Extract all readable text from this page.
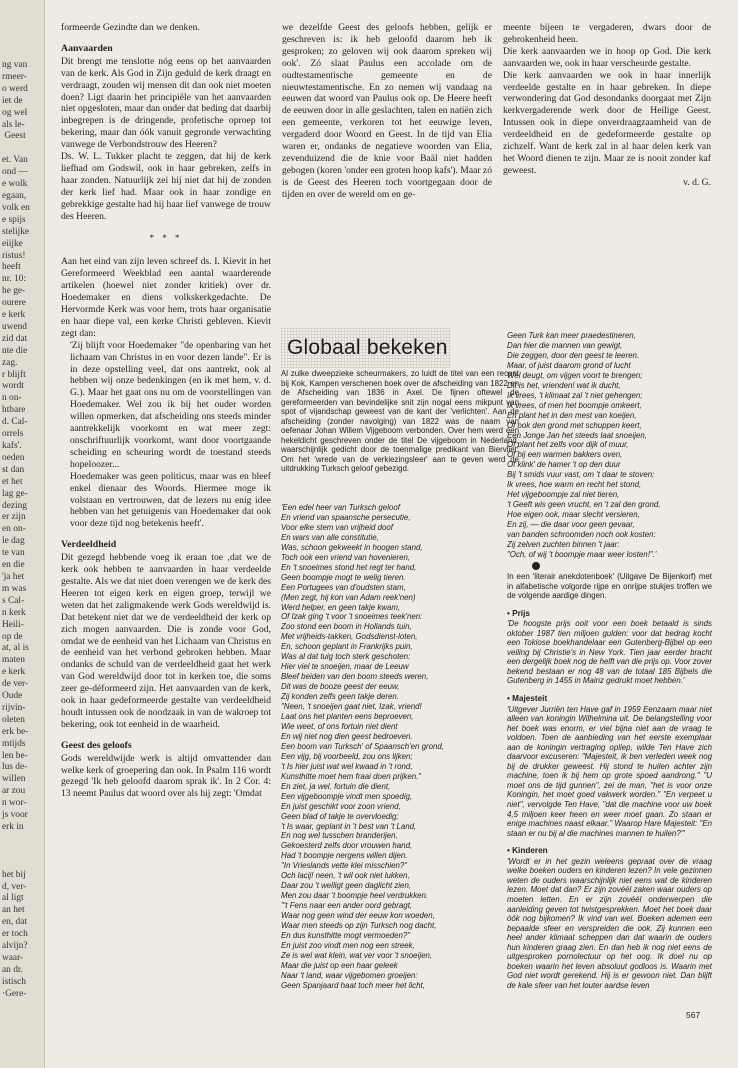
ng van
rmeer-
o werd
iet de
og wel
als le-
Geest

et. Van
ond —
e wolk
egaan,
volk en
e spijs
stelijke
eiijke
ristus!
heeft
nr. 10:
he ge-
ourere
e kerk
uwend
zid dat
nte die
zag.
r blijft
wordt
n on-
htbare
d. Cal-
orrels
kafs'.
oeden
st dan
et het
lag ge-
dezing
er zijn
en on-
le dag
te van
en die
'ja het
m was
s Cal-
n kerk
Heili-
op de
at, al is
maten
e kerk
de ver-
Oude
rijvin-
oleten
erk be-
mtijds
len be-
lus de-
willen
ar zou
n wor-
js voor
erk in

het bij
d, ver-
al ligt
an het
en, dat
er toch
alvijn?
waar-
an dr.
istisch
·Gere-

formeerde Gezindte dan we denken.

Aanvaarden

Dit brengt me tenslotte nóg eens op het aanvaarden van de kerk. Als God in Zijn geduld de kerk draagt en verdraagt, zouden wij mensen dit dan ook niet moeten doen? Ligt daarin het principiële van het aanvaarden niet opgesloten, maar dan onder dat beding dat daarbij inbegrepen is de dringende, profetische oproep tot bekering, maar dan óók vanuit gegronde verwachting vanwege de Verbondstrouw des Heeren?

Ds. W. L. Tukker placht te zeggen, dat hij de kerk liefhad om Godswil, ook in haar gebreken, zelfs in haar zonden. Natuurlijk zei hij niet dat hij de zonden der kerk lief had. Maar ook in haar zondige en gebrekkige gestalte had hij haar lief vanwege de trouw des Heeren.

* * *

Aan het eind van zijn leven schreef ds. I. Kievit in het Gereformeerd Weekblad een aantal waarderende artikelen (hoewel niet zonder kritiek) over dr. Hoedemaker en diens volkskerkgedachte. De Hervormde Kerk was voor hem, trots haar organisatie en haar diepe val, een kerke Christi gebleven. Kievit zegt dan:

'Zij blijft voor Hoedemaker "de openbaring van het lichaam van Christus in en voor dezen lande". Er is in deze opstelling veel, dat ons aantrekt, ook al hebben wij onze bedenkingen (en ik met hem, v. d. G.). Maar het gaat ons nu om de voorstellingen van Hoedemaker. Wel zou ik bij het ouder worden willen opmerken, dat afscheiding ons steeds minder aantrekkelijk voorkomt en wat meer zegt: onschriftuurlijk voorkomt, want door voortgaande scheiding en scheuring wordt de toestand steeds hopeloozer...

Hoedemaker was geen politicus, maar was en bleef enkel dienaar des Woords. Hiermee moge ik volstaan en vertrouwen, dat de lezers nu enig idee hebben van het getuigenis van Hoedemaker dat ook voor deze tijd nog betekenis heeft'.

Verdeeldheid

Dit gezegd hebbende voeg ik eraan toe ,dat we de kerk ook hebben te aanvaarden in haar verdeelde gestalte. Als we dat niet doen verengen we de kerk des Heeren tot eigen kerk en eigen groep, terwijl we weten dat het zaligmakende werk Gods wereldwijd is. Dat betekent niet dat we de verdeeldheid der kerk op zich mogen aanvaarden. Die is zonde voor God, omdat we de eenheid van het Lichaam van Christus en de eenheid van het verbond gebroken hebben. Maar ondanks de schuld van de verdeeldheid gaat het werk van God wereldwijd door tot in kerken toe, die soms zeer ge-déformeerd zijn. Het aanvaarden van de kerk, ook in haar gedeformeerde gestalte van verdeeldheid houdt intussen ook de noodzaak in van de wakroep tot bekering, ook tot eenheid in de waarheid.

Geest des geloofs

Gods wereldwijde werk is altijd omvattender dan welke kerk of groepering dan ook. In Psalm 116 wordt gezegd 'Ik heb geloofd daarom sprak ik'. In 2 Cor. 4: 13 neemt Paulus dat woord over als hij zegt: 'Omdat

we dezelfde Geest des geloofs hebben, gelijk er geschreven is: ik heb geloofd daarom heb ik gesproken; zo geloven wij ook daarom spreken wij ook'. Zó slaat Paulus een accolade om de oudtestamentische gemeente en de nieuwtestamentische. En zo nemen wij vandaag na eeuwen dat woord van Paulus ook op. De Heere heeft de eeuwen door in alle geslachten, talen en natiën zich een gemeente, verkoren tot het eeuwige leven, vergaderd door Woord en Geest. In de tijd van Elia waren er, ondanks de negatieve woorden van Elia, zevenduizend die de knie voor Baäl niet hadden gebogen (koren 'onder een groten hoop kafs'). Maar zó is de Geest des Heeren toch voortgegaan door de tijden en over de wereld om en ge-

meente bijeen te vergaderen, dwars door de gebrokenheid heen.

Die kerk aanvaarden we in hoop op God. Die kerk aanvaarden we, ook in haar verscheurde gestalte.

Die kerk aanvaarden we ook in haar innerlijk verdeelde gestalte en in haar gebreken. In diepe verwondering dat God desondanks doorgaat met Zijn kerkvergaderende werk door de Heilige Geest. Intussen ook in diepe onverdraagzaamheid van de verdeeldheid en de gedeformeerde gestalte op zichzelf. Want de kerk zal in al haar delen kerk van het Woord dienen te zijn. Maar ze is nooit zonder kaf geweest.

v. d. G.

Globaal bekeken

Al zulke dweepzieke scheurmakers, zo luidt de titel van een recent bij Kok, Kampen verschenen boek over de afscheiding van 1822 en de Afscheiding van 1836 in Axel. De fijnen oftewel de gereformeerden van bevindelijke snit zijn nogal eens mikpunt van spot of vijandschap geweest van de kant der 'verlichten'. Aan de afscheiding (zonder navolging) van 1822 was de naam van oefenaar Johan Willem Vijgeboom verbonden. Over hem werd een hekeldicht geschreven onder de titel De vijgeboom in Nederland, waarschijnlijk gedicht door de toenmalige predikant van Biervliet. Om het 'wrede van de verkiezingsleer' aan te geven werd de uitdrukking Turksch geloof gebezigd.

'Een edel heer van Turksch geloof

En vriend van spaansche persecutie,

Voor elke stem van vrijheid doof

En wars van alle constitutie,

Was, schoon gekweekt in hoogen stand,

Toch ook een vriend van hovenieren,

En 't snoeimes stond het regt ter hand,

Geen boompje mogt te welig tieren.

Een Portugees van d'oudsten stam,

(Men zegt, hij kon van Adam reek'nen)

Werd helper, en geen takje kwam,

Of Izak ging 't voor 't snoeimes teek'nen:

Zoo stond een boom in Hollands tuin,

Met vrijheids-takken, Godsdienst-loten,

En, schoon geplant in Frankrijks puin,

Was al dat tuig toch sterk geschoten:

Hier viel te snoeijen, maar de Leeuw

Bleef beiden van den boom steeds weren,

Dit was de booze geest der eeuw,

Zij konden zelfs geen takje deren.

"Neen, 't snoeijen gaat niet, Izak, vriend!

Laat ons het planten eens beproeven,

Wie weet, of ons fortuin niet dient

En wij niet nog dien geest bedroeven.

Een boom van Turksch' of Spaansch'en grond,

Een vijg, bij voorbeeld, zou ons lijken;

't Is hier juist wat wel kwaad in 't rond,

Kunsthitte moet hem fraai doen prijken."

En ziet, ja wel, fortuin die dient,

Een vijgeboompje vindt men spoedig,

En juist geschikt voor zoon vriend,

Geen blad of takje te overvloedig;

't Is waar, geplant in 't best van 't Land,

En nog wel tusschen branderijen,

Gekoesterd zelfs door vrouwen hand,

Had 't boompje nergens willen dijen.

"In Vrieslands vette klei misschien?"

Och lacij! neen, 't wil ook niet lukken,

Daar zou 't welligt geen daglicht zien,

Men zou daar 't boompje heel verdrukken.

"'t Fens naar een ander oord gebragt,

Waar nog geen wind der eeuw kon woeden,

Waar men steeds op zijn Turksch nog dacht,

En dus kunsthitte mogt vermoeden?"

En juist zoo vindt men nog een streek,

Ze is wel wat klein, wat ver voor 't snoeijen,

Maar die juist op een haar geleek

Naar 't land, waar vijgebomen groeijen:

Geen Spanjaard haat toch meer het licht,

Geen Turk kan meer praedestineren,

Dan hier die mannen van gewigt,

Die zeggen, door den geest te leeren.

Maar, of juist daarom grond of lucht

Wel deugt, om vijgen voort te brengen;

Dit is het, vrienden! wat ik ducht,

Ik vrees, 't klimaat zal 't niet gehengen;

Ik vrees, of men het boompje omkeert,

En plant het in den mest van koeijen,

Of ook den grond met schuppen keert,

Een Jonge Jan het steeds laat snoeijen,

Of plant het zelfs voor dijk of muur,

Of bij een warmen bakkers oven,

Of klink' de hamer 't op den duur

Bij 't smids vuur vast, om 't daar te stoven;

Ik vrees, hoe warm en recht het stond,

Het vijgeboompje zal niet tieren,

't Geeft wis geen vrucht, en 't zal den grond,

Hoe eigen ook, maar slecht versieren,

En zij, — die daar voor geen gevaar,

van banden schroomden noch ook kosten:

Zij zelven zuchten binnen 't jaar:

"Och, of wij 't boompje maar weer losten!".'

In een 'literair anekdotenboek' (Uitgave De Bijenkorf) met in alfabetische volgorde rijpe en onrijpe stukjes troffen we de volgende aardige dingen.

• Prijs

'De hoogste prijs ooit voor een boek betaald is sinds oktober 1987 tien miljoen gulden: voor dat bedrag kocht een Tokiose boekhandelaar een Gutenberg-Bijbel op een veiling bij Christie's in New York. Tien jaar eerder bracht een dergelijk boek nog de helft van die prijs op. Voor zover bekend bestaan er nog 48 van de totaal 185 Bijbels die Gutenberg in 1455 in Mainz gedrukt moet hebben.'

• Majesteit

'Uitgever Jurriën ten Have gaf in 1959 Eenzaam maar niet alleen van koningin Wilhelmina uit. De belangstelling voor het boek was enorm, er viel bijna niet aan de vraag te voldoen. Toen de aanbieding van het eerste exemplaar aan de koningin vertraging opliep, wilde Ten Have zich daarvoor excuseren: "Majesteit, ik ben verleden week nog bij de drukker geweest. Hij stond te huilen achter zijn machine, toen ik bij hem op grote spoed aandrong." "U moet ons de tijd gunnen", zei de man, "het is voor onze Koningin, het moet goed vakwerk worden." "En verpeet u niet", vervolgde Ten Have, "dat die machine voor uw boek 4,5 miljoen keer heen en weer moet gaan. Zo staan er enige machines naast elkaar." Waarop Hare Majesteit: "En staan er nu bij al die machines mannen te huilen?"'

• Kinderen

'Wordt er in het gezin weleens gepraat over de vraag welke boeken ouders en kinderen lezen? In vele gezinnen weten de ouders waarschijnlijk niet eens wat de kinderen lezen. Moet dat dan? Er zijn zovéél zaken waar ouders op moeten letten. En er zijn zovéél onderwerpen die aanleiding geven tot twistgesprekken. Moet het boek daar óók nog bijkomen? Ik vind van wel. Boeken ademen een bepaalde sfeer en verspreiden die ook. Zij kunnen een heel ander klimaat scheppen dan dat waarin de ouders hun kinderen graag zien. En dan heb ik nog niet eens de uitgesproken pornolectuur op het oog. Ik doel nu op boeken waarin het leven absoluut godloos is. Waarin met God niet wordt gerekend. Hij is er gewoon niet. Dan blijft de kale sfeer van het louter aardse leven

567
